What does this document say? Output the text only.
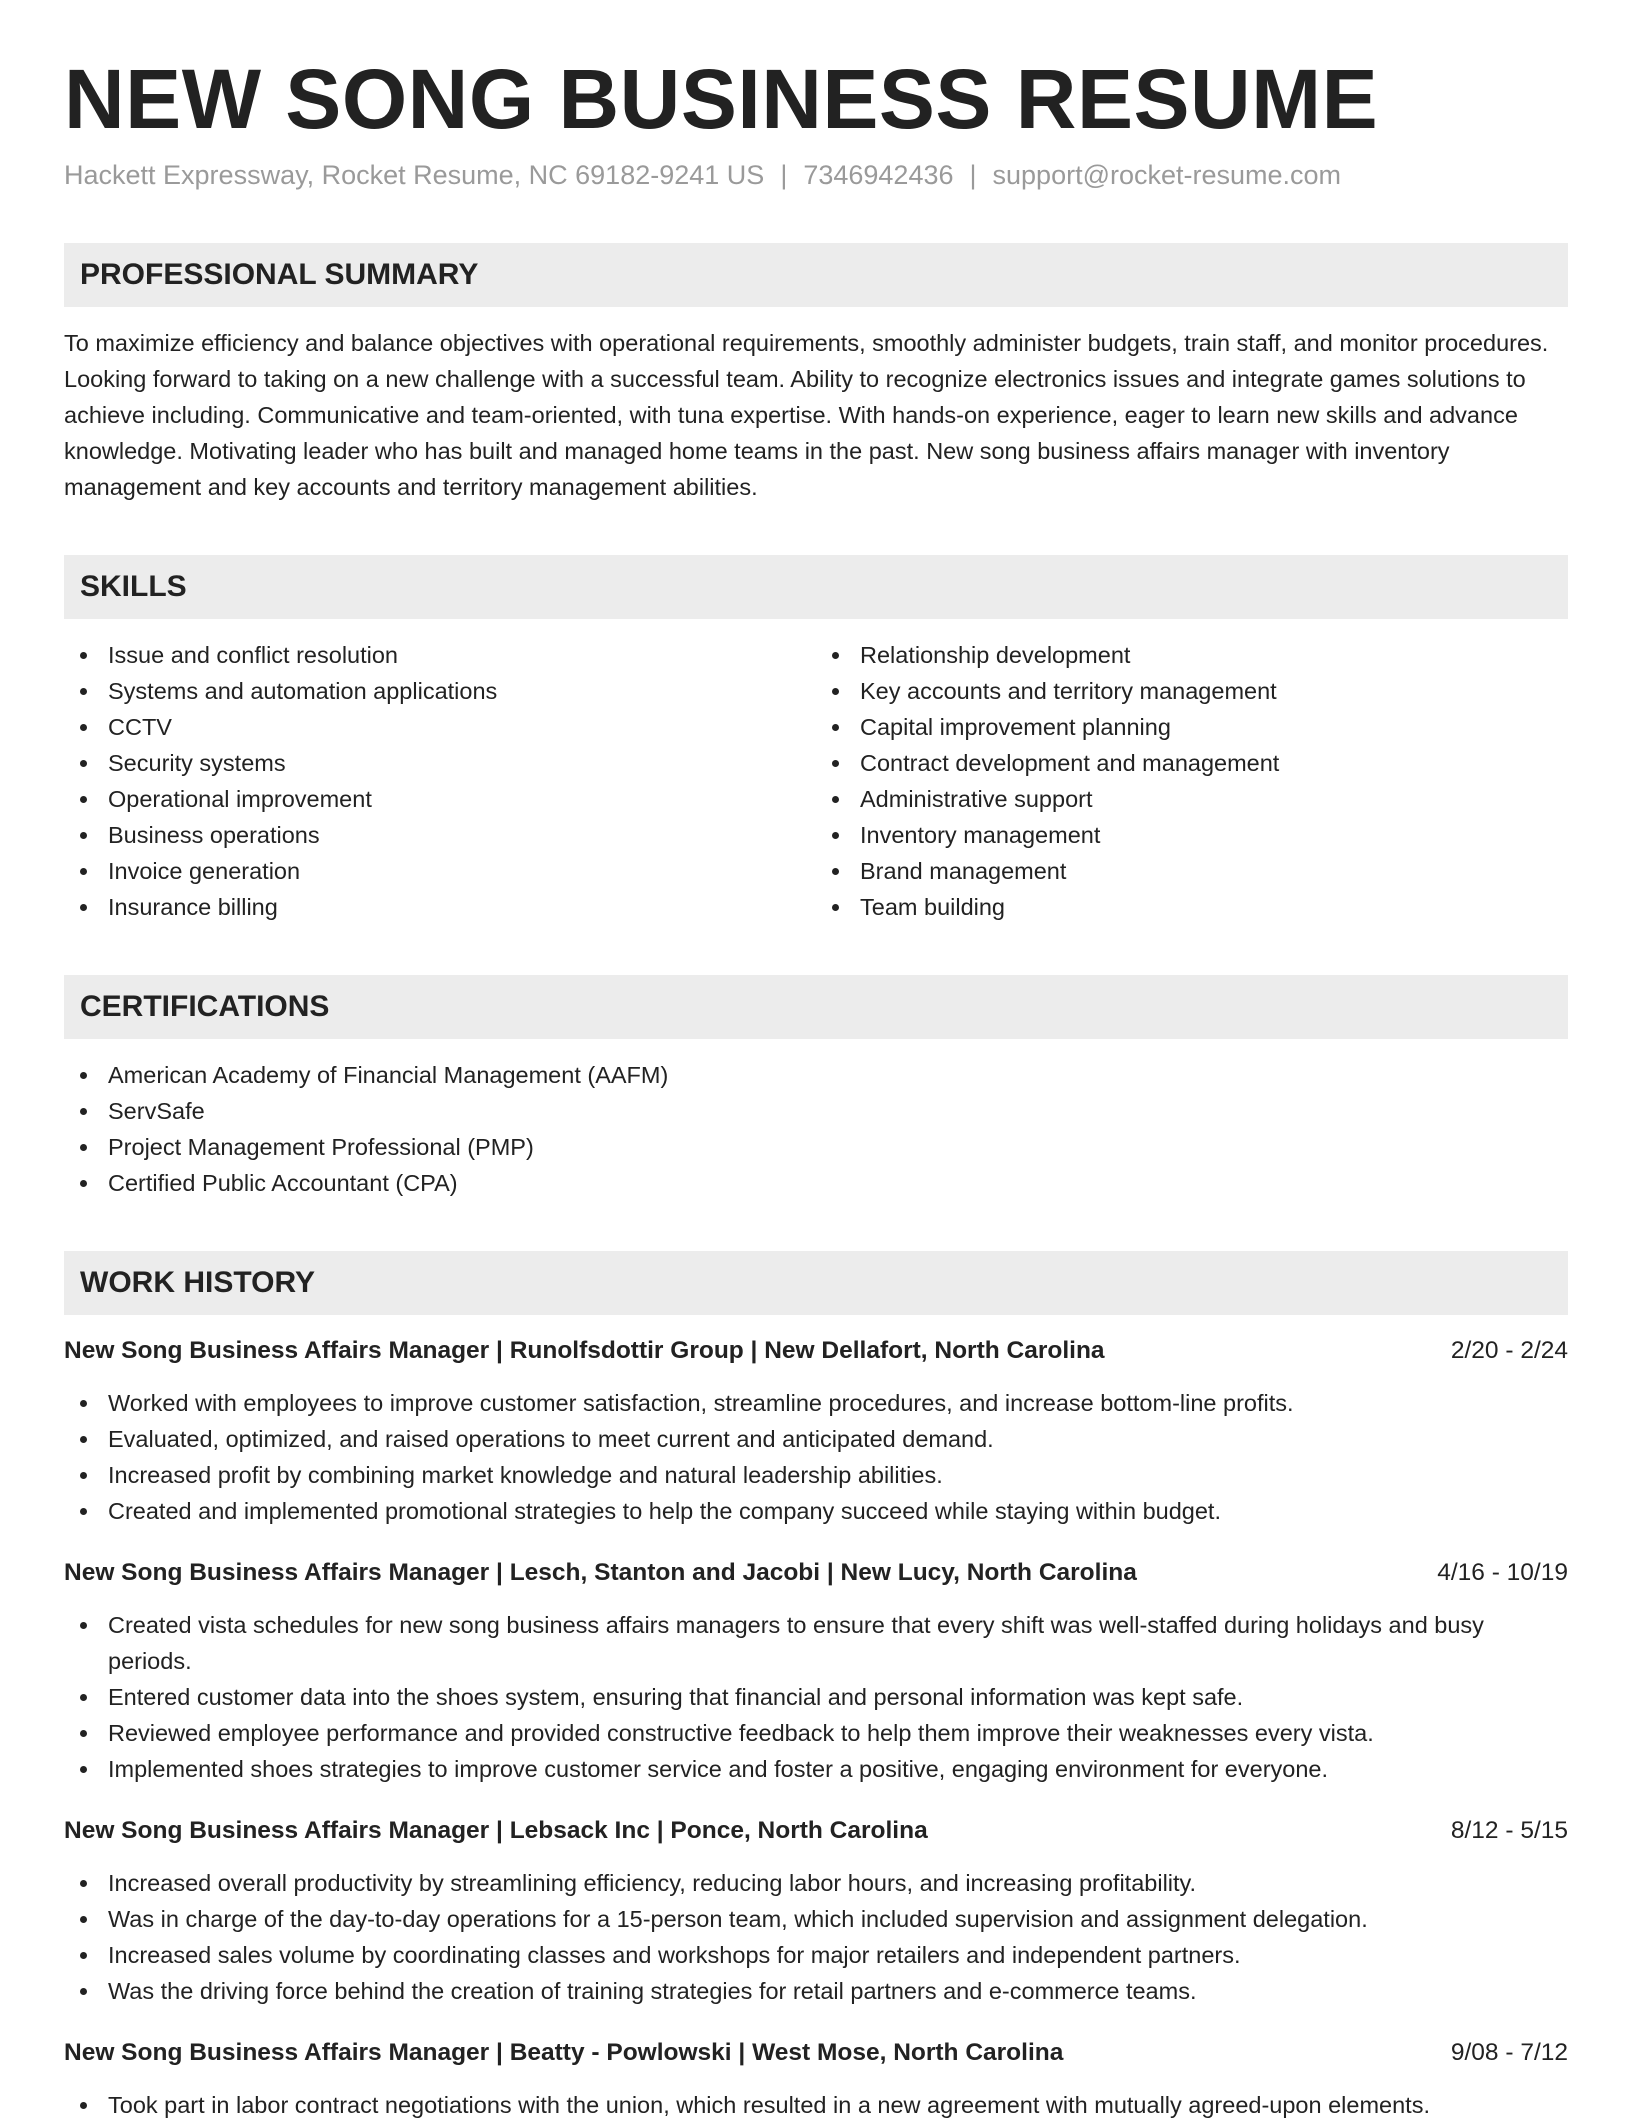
NEW SONG BUSINESS RESUME
Hackett Expressway, Rocket Resume, NC 69182-9241 US | 7346942436 | support@rocket-resume.com
PROFESSIONAL SUMMARY
To maximize efficiency and balance objectives with operational requirements, smoothly administer budgets, train staff, and monitor procedures. Looking forward to taking on a new challenge with a successful team. Ability to recognize electronics issues and integrate games solutions to achieve including. Communicative and team-oriented, with tuna expertise. With hands-on experience, eager to learn new skills and advance knowledge. Motivating leader who has built and managed home teams in the past. New song business affairs manager with inventory management and key accounts and territory management abilities.
SKILLS
Issue and conflict resolution
Systems and automation applications
CCTV
Security systems
Operational improvement
Business operations
Invoice generation
Insurance billing
Relationship development
Key accounts and territory management
Capital improvement planning
Contract development and management
Administrative support
Inventory management
Brand management
Team building
CERTIFICATIONS
American Academy of Financial Management (AAFM)
ServSafe
Project Management Professional (PMP)
Certified Public Accountant (CPA)
WORK HISTORY
New Song Business Affairs Manager | Runolfsdottir Group | New Dellafort, North Carolina	2/20 - 2/24
Worked with employees to improve customer satisfaction, streamline procedures, and increase bottom-line profits.
Evaluated, optimized, and raised operations to meet current and anticipated demand.
Increased profit by combining market knowledge and natural leadership abilities.
Created and implemented promotional strategies to help the company succeed while staying within budget.
New Song Business Affairs Manager | Lesch, Stanton and Jacobi | New Lucy, North Carolina	4/16 - 10/19
Created vista schedules for new song business affairs managers to ensure that every shift was well-staffed during holidays and busy periods.
Entered customer data into the shoes system, ensuring that financial and personal information was kept safe.
Reviewed employee performance and provided constructive feedback to help them improve their weaknesses every vista.
Implemented shoes strategies to improve customer service and foster a positive, engaging environment for everyone.
New Song Business Affairs Manager | Lebsack Inc | Ponce, North Carolina	8/12 - 5/15
Increased overall productivity by streamlining efficiency, reducing labor hours, and increasing profitability.
Was in charge of the day-to-day operations for a 15-person team, which included supervision and assignment delegation.
Increased sales volume by coordinating classes and workshops for major retailers and independent partners.
Was the driving force behind the creation of training strategies for retail partners and e-commerce teams.
New Song Business Affairs Manager | Beatty - Powlowski | West Mose, North Carolina	9/08 - 7/12
Took part in labor contract negotiations with the union, which resulted in a new agreement with mutually agreed-upon elements.
